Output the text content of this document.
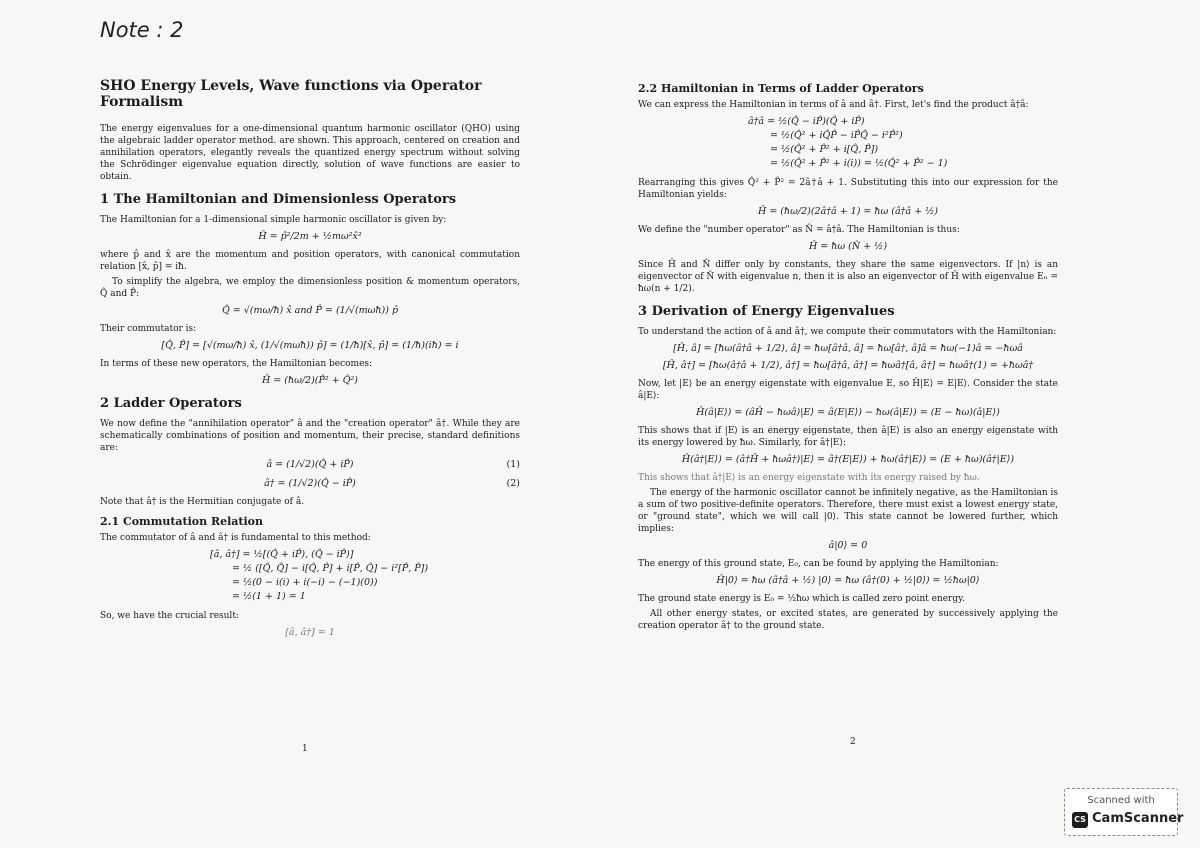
Note : 2
SHO Energy Levels, Wave functions via Operator Formalism

The energy eigenvalues for a one-dimensional quantum harmonic oscillator (QHO) using the algebraic ladder operator method. are shown. This approach, centered on creation and annihilation operators, elegantly reveals the quantized energy spectrum without solving the Schrödinger eigenvalue equation directly, solution of wave functions are easier to obtain.

1 The Hamiltonian and Dimensionless Operators

The Hamiltonian for a 1-dimensional simple harmonic oscillator is given by:

Ĥ = p̂²/2m + ½mω²x̂²

where p̂ and x̂ are the momentum and position operators, with canonical commutation relation [x̂, p̂] = iħ.

To simplify the algebra, we employ the dimensionless position & momentum operators, Q̂ and P̂:

Q̂ = √(mω/ħ) x̂ and P̂ = (1/√(mωħ)) p̂

Their commutator is:

[Q̂, P̂] = [√(mω/ħ) x̂, (1/√(mωħ)) p̂] = (1/ħ)[x̂, p̂] = (1/ħ)(iħ) = i

In terms of these new operators, the Hamiltonian becomes:

Ĥ = (ħω/2)(P̂² + Q̂²)
2 Ladder Operators

We now define the "annihilation operator" â and the "creation operator" â†. While they are schematically combinations of position and momentum, their precise, standard definitions are:

â = (1/√2)(Q̂ + iP̂)	(1)
â† = (1/√2)(Q̂ − iP̂)	(2)

Note that â† is the Hermitian conjugate of â.

2.1 Commutation Relation

The commutator of â and â† is fundamental to this method:

[â, â†] = ½[(Q̂ + iP̂), (Q̂ − iP̂)]
= ½ ([Q̂, Q̂] − i[Q̂, P̂] + i[P̂, Q̂] − i²[P̂, P̂])
= ½(0 − i(i) + i(−i) − (−1)(0))
= ½(1 + 1) = 1

So, we have the crucial result:

[â, â†] = 1
1
2.2 Hamiltonian in Terms of Ladder Operators

We can express the Hamiltonian in terms of â and â†. First, let's find the product â†â:

â†â = ½(Q̂ − iP̂)(Q̂ + iP̂)
= ½(Q̂² + iQ̂P̂ − iP̂Q̂ − i²P̂²)
= ½(Q̂² + P̂² + i[Q̂, P̂])
= ½(Q̂² + P̂² + i(i)) = ½(Q̂² + P̂² − 1)

Rearranging this gives Q̂² + P̂² = 2â†â + 1. Substituting this into our expression for the Hamiltonian yields:

Ĥ = (ħω/2)(2â†â + 1) = ħω (â†â + ½)

We define the "number operator" as N̂ = â†â. The Hamiltonian is thus:

Ĥ = ħω (N̂ + ½)

Since Ĥ and N̂ differ only by constants, they share the same eigenvectors. If |n⟩ is an eigenvector of N̂ with eigenvalue n, then it is also an eigenvector of Ĥ with eigenvalue Eₙ = ħω(n + 1/2).

3 Derivation of Energy Eigenvalues

To understand the action of â and â†, we compute their commutators with the Hamiltonian:

[Ĥ, â] = [ħω(â†â + 1/2), â] = ħω[â†â, â] = ħω[â†, â]â = ħω(−1)â = −ħωâ
[Ĥ, â†] = [ħω(â†â + 1/2), â†] = ħω[â†â, â†] = ħωâ†[â, â†] = ħωâ†(1) = +ħωâ†

Now, let |E⟩ be an energy eigenstate with eigenvalue E, so Ĥ|E⟩ = E|E⟩. Consider the state â|E⟩:

Ĥ(â|E⟩) = (âĤ − ħωâ)|E⟩ = â(E|E⟩) − ħω(â|E⟩) = (E − ħω)(â|E⟩)

This shows that if |E⟩ is an energy eigenstate, then â|E⟩ is also an energy eigenstate with its energy lowered by ħω. Similarly, for â†|E⟩:

Ĥ(â†|E⟩) = (â†Ĥ + ħωâ†)|E⟩ = â†(E|E⟩) + ħω(â†|E⟩) = (E + ħω)(â†|E⟩)

This shows that â†|E⟩ is an energy eigenstate with its energy raised by ħω.

The energy of the harmonic oscillator cannot be infinitely negative, as the Hamiltonian is a sum of two positive-definite operators. Therefore, there must exist a lowest energy state, or "ground state", which we will call |0⟩. This state cannot be lowered further, which implies:

â|0⟩ = 0

The energy of this ground state, E₀, can be found by applying the Hamiltonian:

Ĥ|0⟩ = ħω (â†â + ½) |0⟩ = ħω (â†(0) + ½|0⟩) = ½ħω|0⟩

The ground state energy is E₀ = ½ħω which is called zero point energy.

All other energy states, or excited states, are generated by successively applying the creation operator â† to the ground state.

2
Scanned with
CS CamScanner
